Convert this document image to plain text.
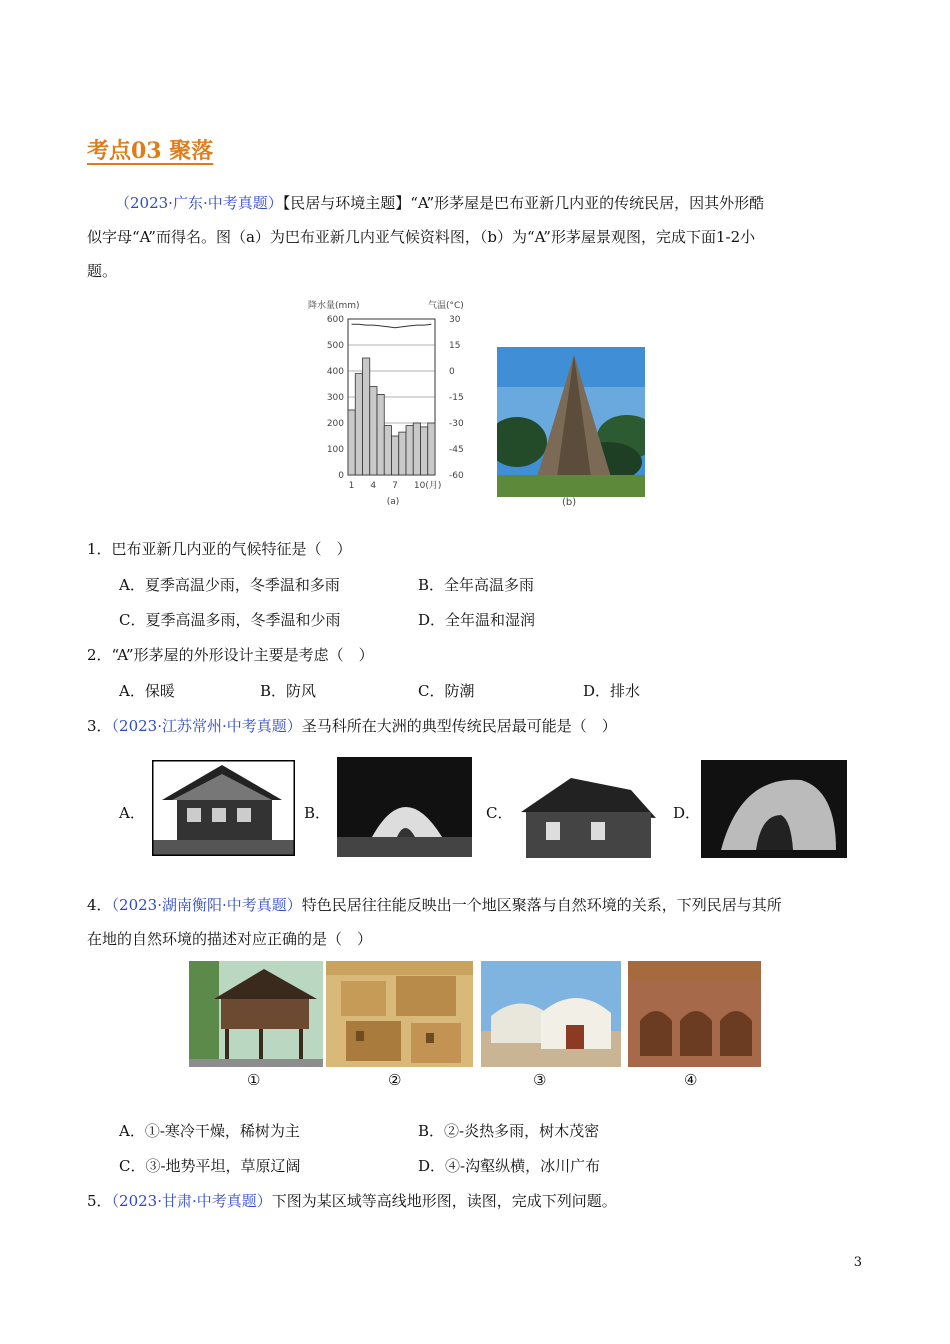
考点03 聚落
（2023·广东·中考真题）【民居与环境主题】“A”形茅屋是巴布亚新几内亚的传统民居，因其外形酷
似字母“A”而得名。图（a）为巴布亚新几内亚气候资料图，（b）为“A”形茅屋景观图，完成下面1-2小
题。
降水量(mm)	气温(°C)
600
500
400
300
200
100
0
30
15
0
-15
-30
-45
-60
1 4 7 10(月)
(a)	(b)
1．巴布亚新几内亚的气候特征是（　）
A．夏季高温少雨，冬季温和多雨	B．全年高温多雨
C．夏季高温多雨，冬季温和少雨	D．全年温和湿润
2．“A”形茅屋的外形设计主要是考虑（　）
A．保暖	B．防风	C．防潮	D．排水
3．（2023·江苏常州·中考真题）圣马科所在大洲的典型传统民居最可能是（　）
A．	B．	C．	D．
4．（2023·湖南衡阳·中考真题）特色民居往往能反映出一个地区聚落与自然环境的关系，下列民居与其所
在地的自然环境的描述对应正确的是（　）
①	②	③	④
A．①-寒冷干燥，稀树为主	B．②-炎热多雨，树木茂密
C．③-地势平坦，草原辽阔	D．④-沟壑纵横，冰川广布
5．（2023·甘肃·中考真题）下图为某区域等高线地形图，读图，完成下列问题。
3
